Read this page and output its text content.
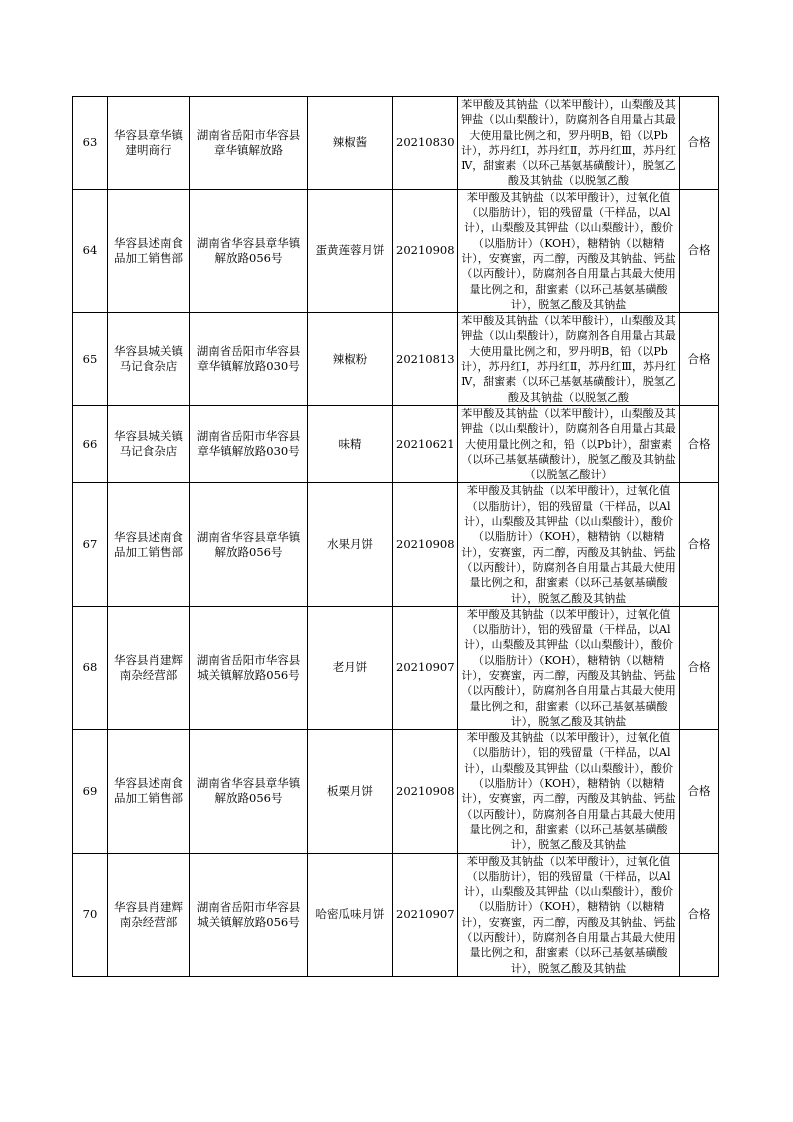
63	华容县章华镇建明商行	湖南省岳阳市华容县章华镇解放路	辣椒酱	20210830	苯甲酸及其钠盐（以苯甲酸计），山梨酸及其钾盐（以山梨酸计），防腐剂各自用量占其最大使用量比例之和，罗丹明B，铅（以Pb计），苏丹红Ⅰ，苏丹红Ⅱ，苏丹红Ⅲ，苏丹红Ⅳ，甜蜜素（以环己基氨基磺酸计），脱氢乙酸及其钠盐（以脱氢乙酸	合格
64	华容县述南食品加工销售部	湖南省华容县章华镇解放路056号	蛋黄莲蓉月饼	20210908	苯甲酸及其钠盐（以苯甲酸计），过氧化值（以脂肪计），铝的残留量（干样品，以Al计），山梨酸及其钾盐（以山梨酸计），酸价（以脂肪计）（KOH），糖精钠（以糖精计），安赛蜜，丙二醇，丙酸及其钠盐、钙盐（以丙酸计），防腐剂各自用量占其最大使用量比例之和，甜蜜素（以环己基氨基磺酸计），脱氢乙酸及其钠盐	合格
65	华容县城关镇马记食杂店	湖南省岳阳市华容县章华镇解放路030号	辣椒粉	20210813	苯甲酸及其钠盐（以苯甲酸计），山梨酸及其钾盐（以山梨酸计），防腐剂各自用量占其最大使用量比例之和，罗丹明B，铅（以Pb计），苏丹红Ⅰ，苏丹红Ⅱ，苏丹红Ⅲ，苏丹红Ⅳ，甜蜜素（以环己基氨基磺酸计），脱氢乙酸及其钠盐（以脱氢乙酸	合格
66	华容县城关镇马记食杂店	湖南省岳阳市华容县章华镇解放路030号	味精	20210621	苯甲酸及其钠盐（以苯甲酸计），山梨酸及其钾盐（以山梨酸计），防腐剂各自用量占其最大使用量比例之和，铅（以Pb计），甜蜜素（以环己基氨基磺酸计），脱氢乙酸及其钠盐（以脱氢乙酸计）	合格
67	华容县述南食品加工销售部	湖南省华容县章华镇解放路056号	水果月饼	20210908	苯甲酸及其钠盐（以苯甲酸计），过氧化值（以脂肪计），铝的残留量（干样品，以Al计），山梨酸及其钾盐（以山梨酸计），酸价（以脂肪计）（KOH），糖精钠（以糖精计），安赛蜜，丙二醇，丙酸及其钠盐、钙盐（以丙酸计），防腐剂各自用量占其最大使用量比例之和，甜蜜素（以环己基氨基磺酸计），脱氢乙酸及其钠盐	合格
68	华容县肖建辉南杂经营部	湖南省岳阳市华容县城关镇解放路056号	老月饼	20210907	苯甲酸及其钠盐（以苯甲酸计），过氧化值（以脂肪计），铝的残留量（干样品，以Al计），山梨酸及其钾盐（以山梨酸计），酸价（以脂肪计）（KOH），糖精钠（以糖精计），安赛蜜，丙二醇，丙酸及其钠盐、钙盐（以丙酸计），防腐剂各自用量占其最大使用量比例之和，甜蜜素（以环己基氨基磺酸计），脱氢乙酸及其钠盐	合格
69	华容县述南食品加工销售部	湖南省华容县章华镇解放路056号	板栗月饼	20210908	苯甲酸及其钠盐（以苯甲酸计），过氧化值（以脂肪计），铝的残留量（干样品，以Al计），山梨酸及其钾盐（以山梨酸计），酸价（以脂肪计）（KOH），糖精钠（以糖精计），安赛蜜，丙二醇，丙酸及其钠盐、钙盐（以丙酸计），防腐剂各自用量占其最大使用量比例之和，甜蜜素（以环己基氨基磺酸计），脱氢乙酸及其钠盐	合格
70	华容县肖建辉南杂经营部	湖南省岳阳市华容县城关镇解放路056号	哈密瓜味月饼	20210907	苯甲酸及其钠盐（以苯甲酸计），过氧化值（以脂肪计），铝的残留量（干样品，以Al计），山梨酸及其钾盐（以山梨酸计），酸价（以脂肪计）（KOH），糖精钠（以糖精计），安赛蜜，丙二醇，丙酸及其钠盐、钙盐（以丙酸计），防腐剂各自用量占其最大使用量比例之和，甜蜜素（以环己基氨基磺酸计），脱氢乙酸及其钠盐	合格
